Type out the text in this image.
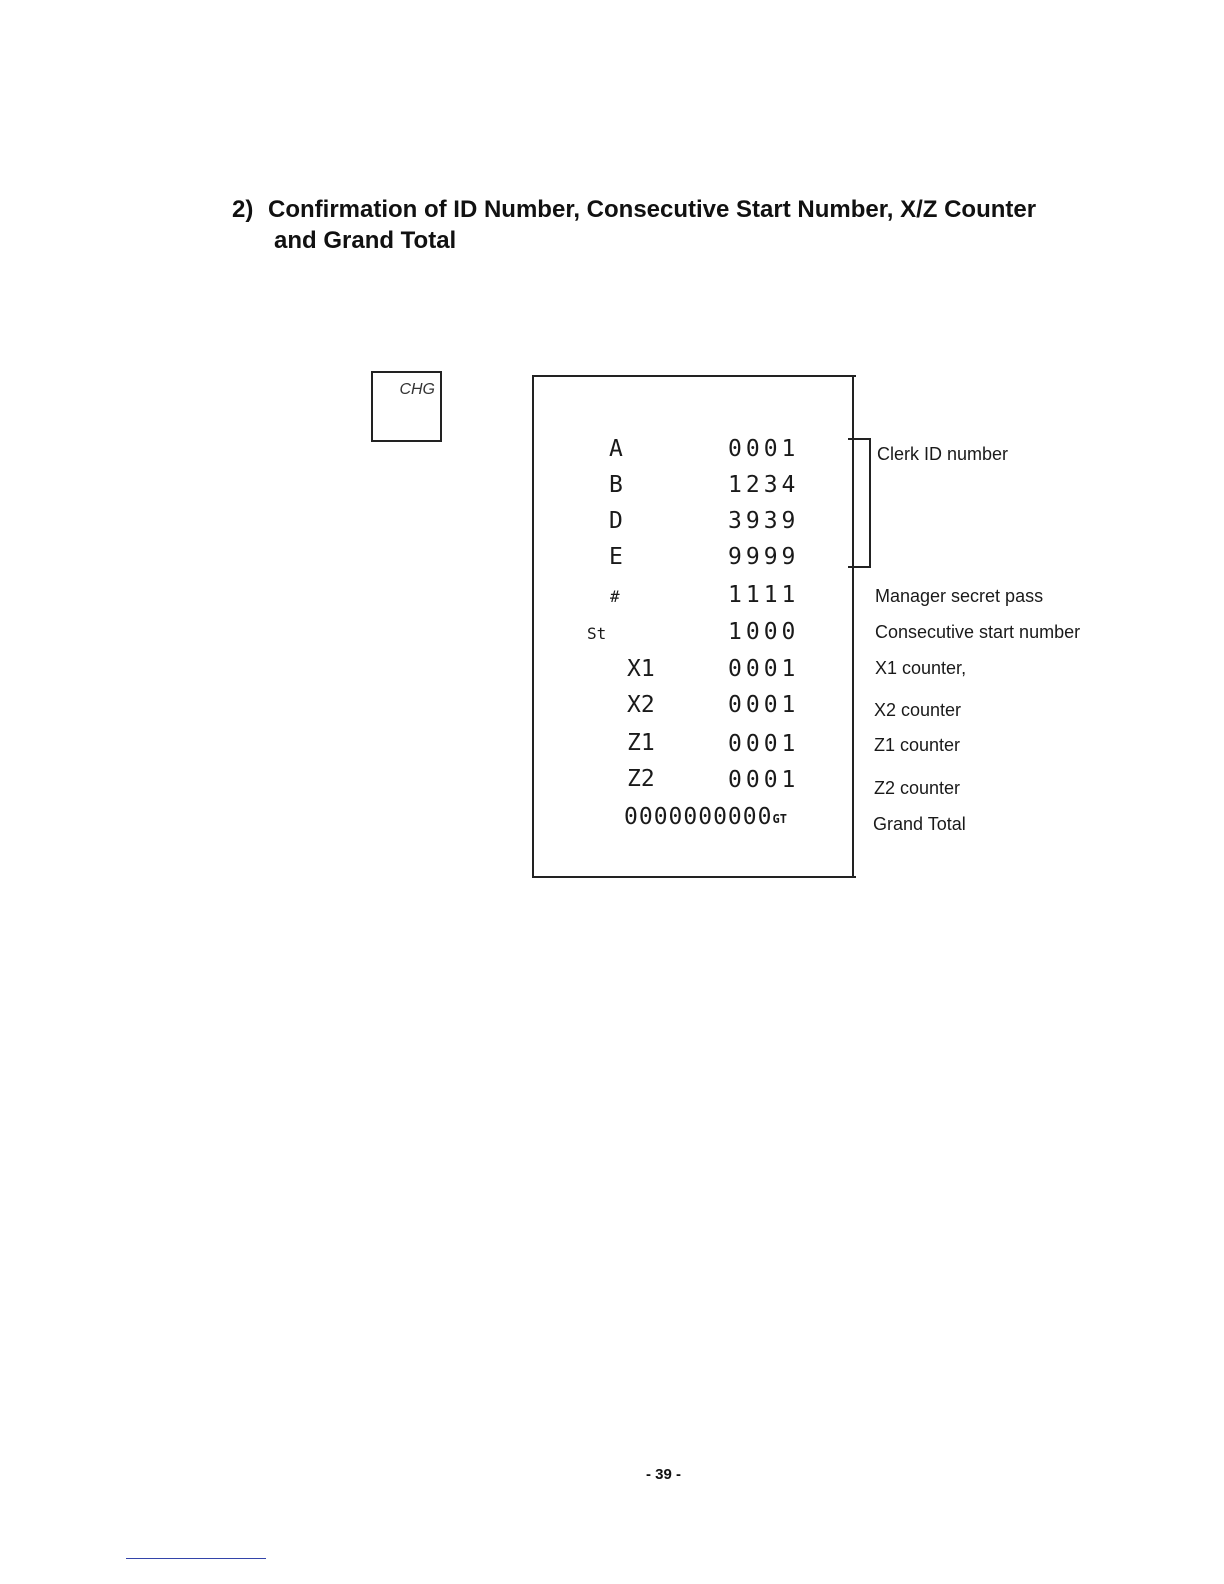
2) Confirmation of ID Number, Consecutive Start Number, X/Z Counter
and Grand Total
CHG
A	0001
B	1234
D	3939
E	9999
#	1111
St	1000
X1	0001
X2	0001
Z1	0001
Z2	0001
0000000000GT
Clerk ID number
Manager secret pass
Consecutive start number
X1 counter,
X2 counter
Z1 counter
Z2 counter
Grand Total
- 39 -
